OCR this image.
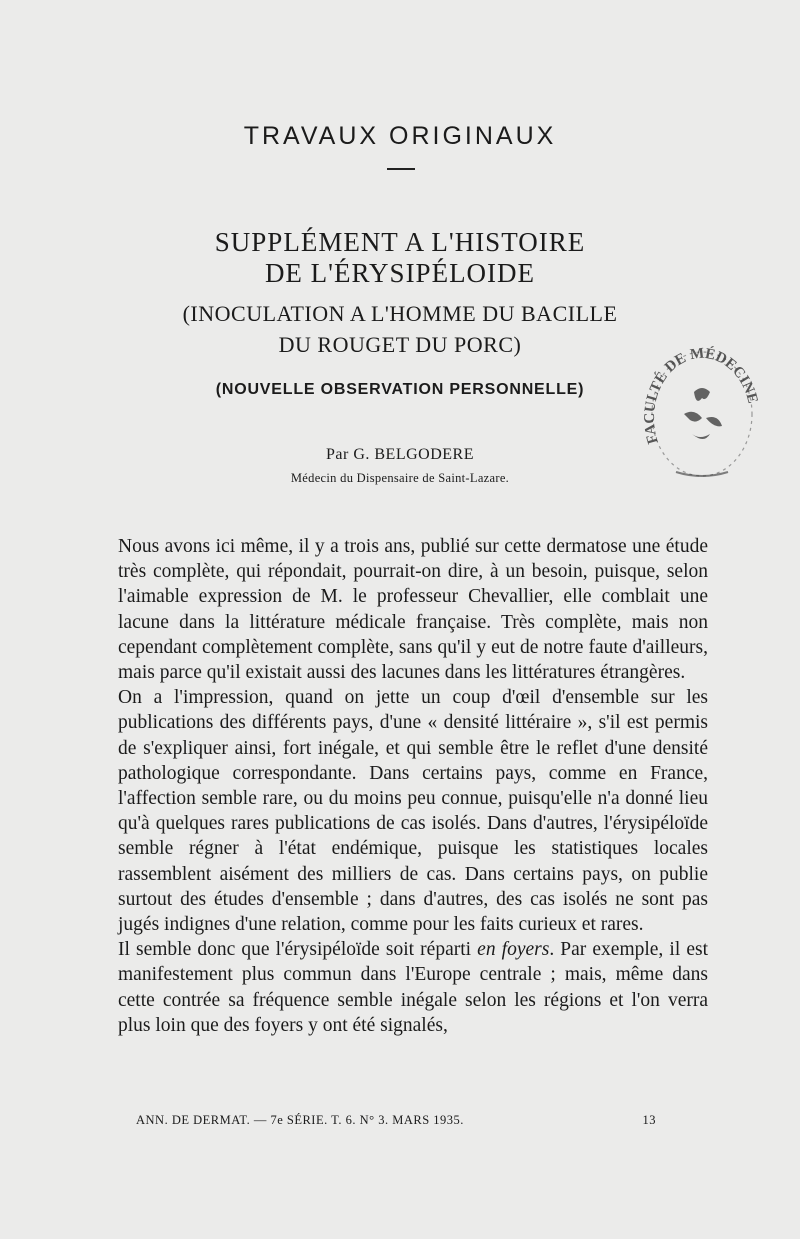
TRAVAUX ORIGINAUX
SUPPLÉMENT A L'HISTOIRE
DE L'ÉRYSIPÉLOIDE
(INOCULATION A L'HOMME DU BACILLE
DU ROUGET DU PORC)
(NOUVELLE OBSERVATION PERSONNELLE)
Par G. BELGODERE
Médecin du Dispensaire de Saint-Lazare.
FACULTÉ DE MÉDECINE

Nous avons ici même, il y a trois ans, publié sur cette dermatose une étude très complète, qui répondait, pourrait-on dire, à un besoin, puisque, selon l'aimable expression de M. le professeur Chevallier, elle comblait une lacune dans la littérature médicale française. Très complète, mais non cependant complètement complète, sans qu'il y eut de notre faute d'ailleurs, mais parce qu'il existait aussi des lacunes dans les littératures étrangères.

On a l'impression, quand on jette un coup d'œil d'ensemble sur les publications des différents pays, d'une « densité littéraire », s'il est permis de s'expliquer ainsi, fort inégale, et qui semble être le reflet d'une densité pathologique correspondante. Dans certains pays, comme en France, l'affection semble rare, ou du moins peu connue, puisqu'elle n'a donné lieu qu'à quelques rares publications de cas isolés. Dans d'autres, l'érysipéloïde semble régner à l'état endémique, puisque les statistiques locales rassemblent aisément des milliers de cas. Dans certains pays, on publie surtout des études d'ensemble ; dans d'autres, des cas isolés ne sont pas jugés indignes d'une relation, comme pour les faits curieux et rares.

Il semble donc que l'érysipéloïde soit réparti en foyers. Par exemple, il est manifestement plus commun dans l'Europe centrale ; mais, même dans cette contrée sa fréquence semble inégale selon les régions et l'on verra plus loin que des foyers y ont été signalés,

ANN. DE DERMAT. — 7e SÉRIE. T. 6. N° 3. MARS 1935.	13
